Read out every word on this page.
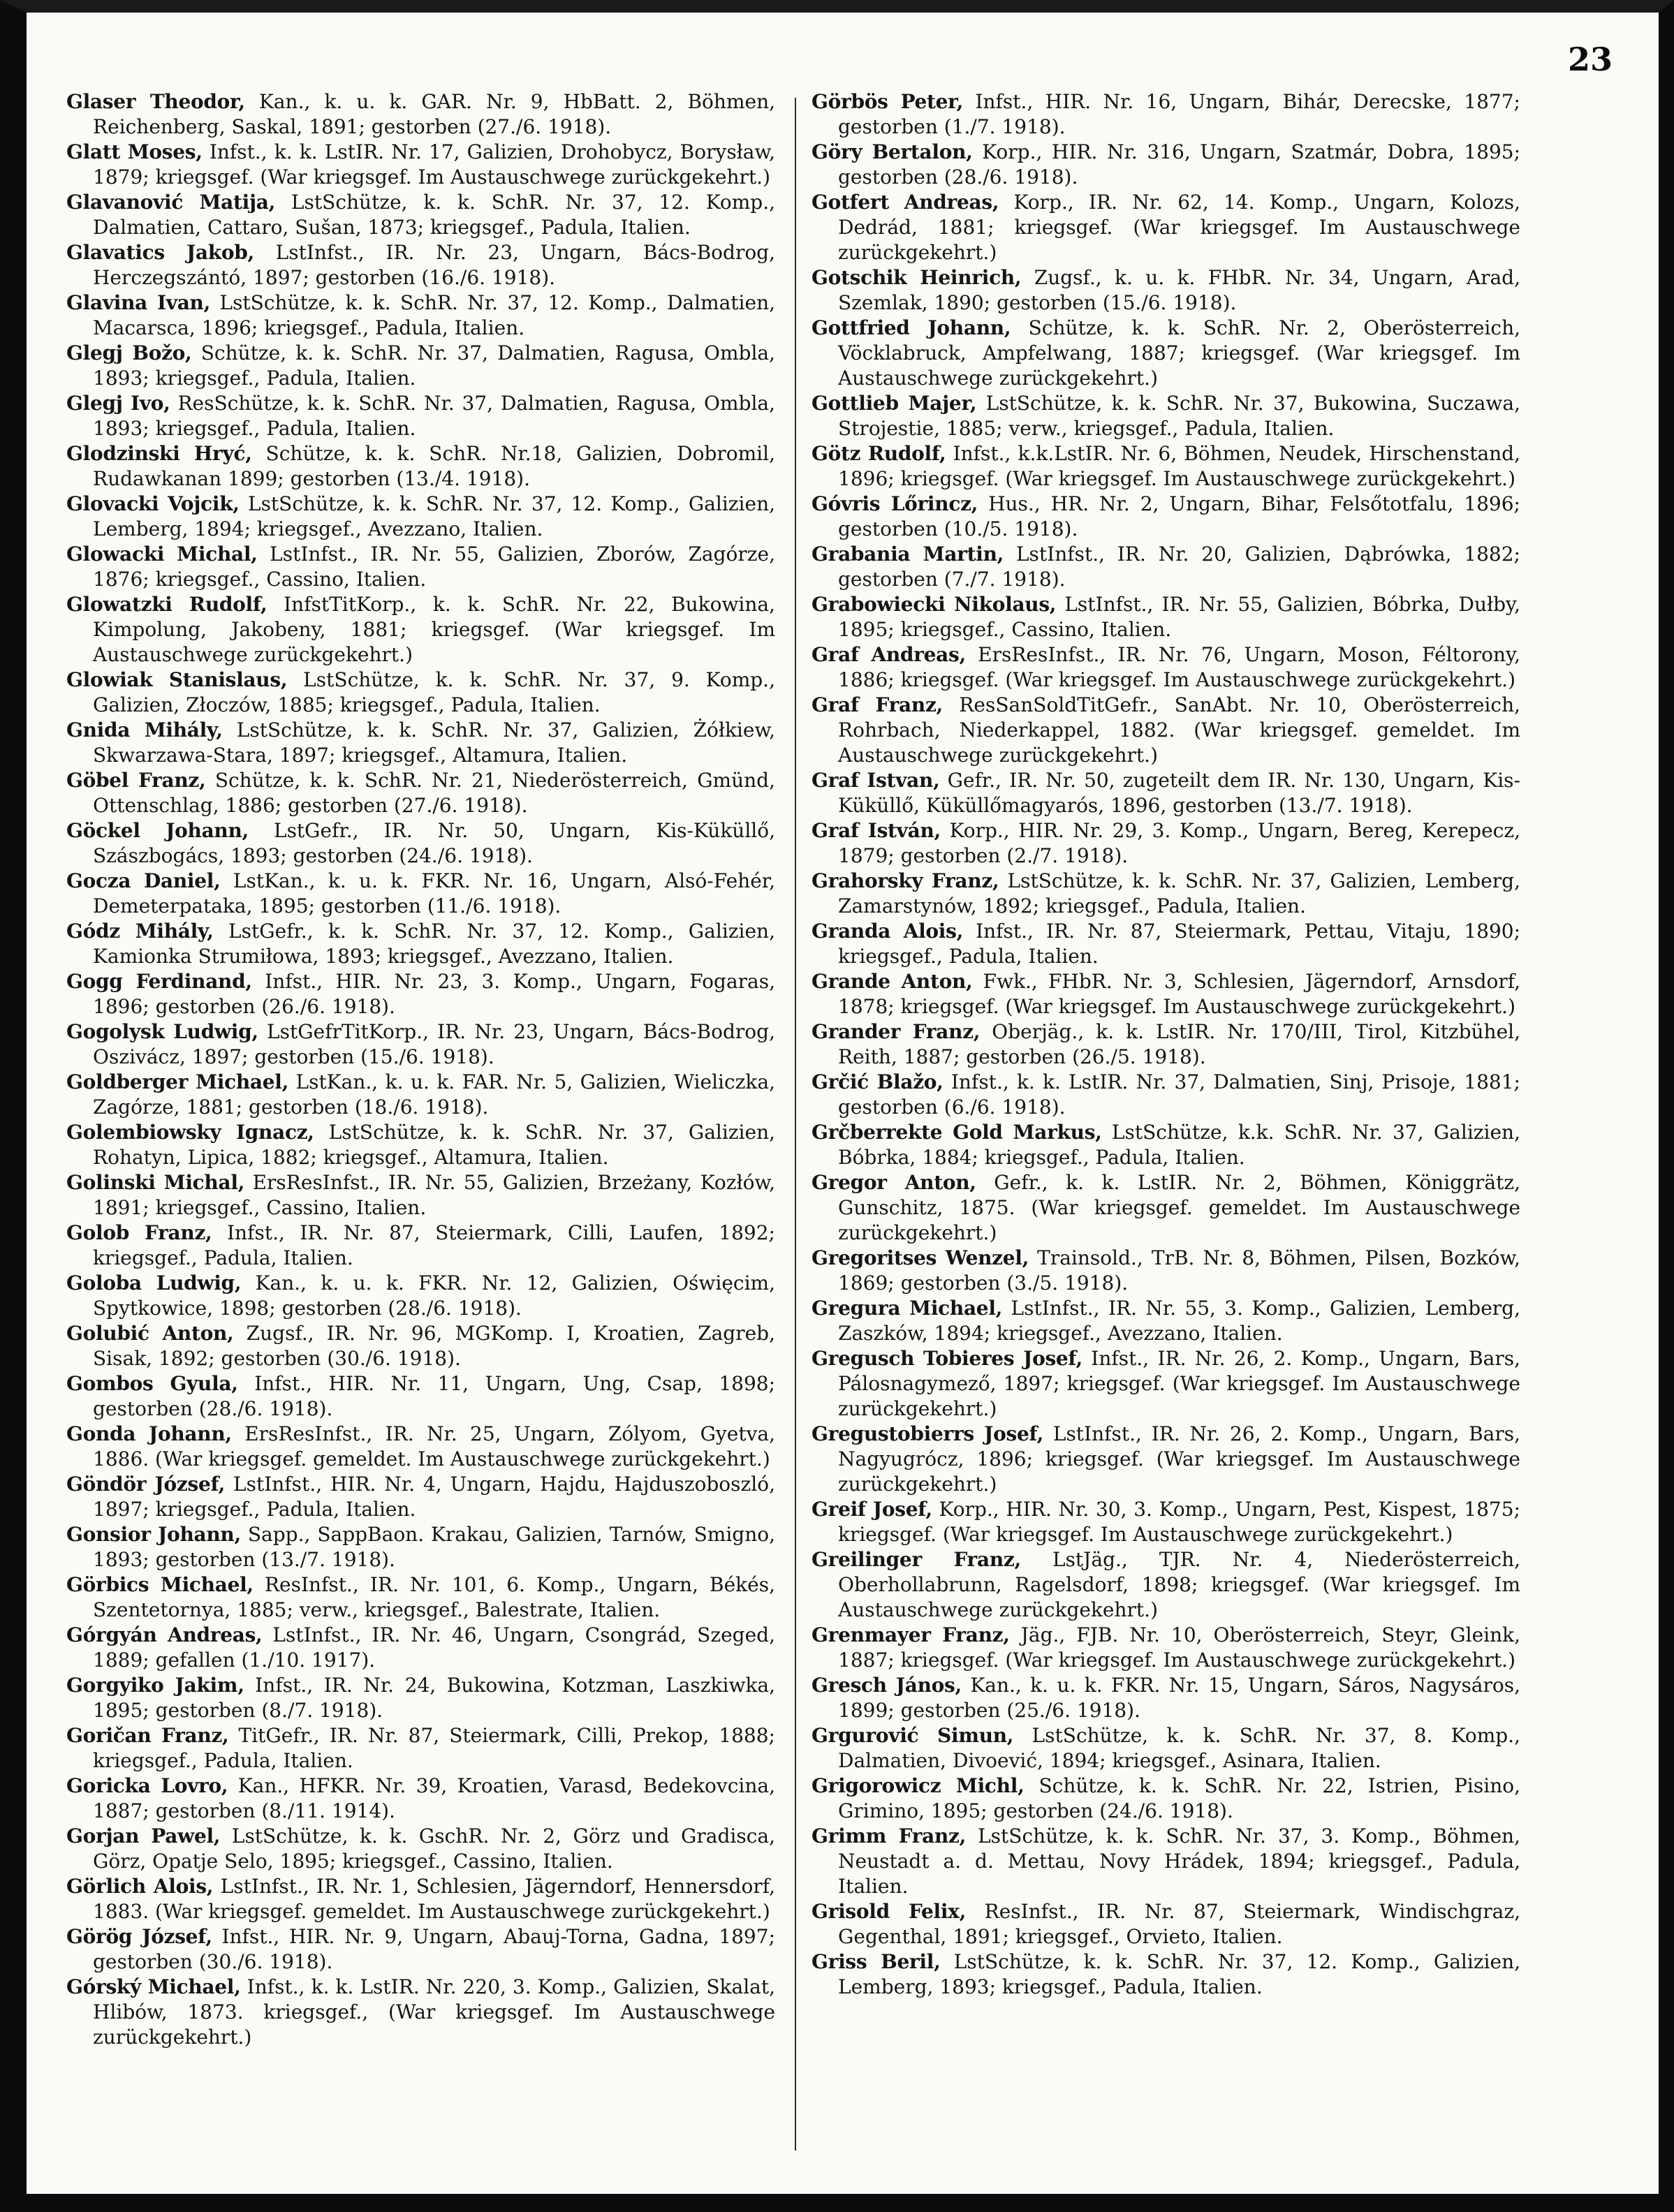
23

Glaser Theodor, Kan., k. u. k. GAR. Nr. 9, HbBatt. 2, Böhmen, Reichenberg, Saskal, 1891; gestorben (27./6. 1918).

Glatt Moses, Infst., k. k. LstIR. Nr. 17, Galizien, Drohobycz, Borysław, 1879; kriegsgef. (War kriegsgef. Im Austauschwege zurückgekehrt.)

Glavanović Matija, LstSchütze, k. k. SchR. Nr. 37, 12. Komp., Dalmatien, Cattaro, Sušan, 1873; kriegsgef., Padula, Italien.

Glavatics Jakob, LstInfst., IR. Nr. 23, Ungarn, Bács-Bodrog, Herczegszántó, 1897; gestorben (16./6. 1918).

Glavina Ivan, LstSchütze, k. k. SchR. Nr. 37, 12. Komp., Dalmatien, Macarsca, 1896; kriegsgef., Padula, Italien.

Glegj Božo, Schütze, k. k. SchR. Nr. 37, Dalmatien, Ragusa, Ombla, 1893; kriegsgef., Padula, Italien.

Glegj Ivo, ResSchütze, k. k. SchR. Nr. 37, Dalmatien, Ragusa, Ombla, 1893; kriegsgef., Padula, Italien.

Glodzinski Hryć, Schütze, k. k. SchR. Nr.18, Galizien, Dobromil, Rudawkanan 1899; gestorben (13./4. 1918).

Glovacki Vojcik, LstSchütze, k. k. SchR. Nr. 37, 12. Komp., Galizien, Lemberg, 1894; kriegsgef., Avezzano, Italien.

Glowacki Michal, LstInfst., IR. Nr. 55, Galizien, Zborów, Zagórze, 1876; kriegsgef., Cassino, Italien.

Glowatzki Rudolf, InfstTitKorp., k. k. SchR. Nr. 22, Bukowina, Kimpolung, Jakobeny, 1881; kriegsgef. (War kriegsgef. Im Austauschwege zurückgekehrt.)

Glowiak Stanislaus, LstSchütze, k. k. SchR. Nr. 37, 9. Komp., Galizien, Złoczów, 1885; kriegsgef., Padula, Italien.

Gnida Mihály, LstSchütze, k. k. SchR. Nr. 37, Galizien, Żółkiew, Skwarzawa-Stara, 1897; kriegsgef., Altamura, Italien.

Göbel Franz, Schütze, k. k. SchR. Nr. 21, Niederösterreich, Gmünd, Ottenschlag, 1886; gestorben (27./6. 1918).

Göckel Johann, LstGefr., IR. Nr. 50, Ungarn, Kis-Küküllő, Szászbogács, 1893; gestorben (24./6. 1918).

Gocza Daniel, LstKan., k. u. k. FKR. Nr. 16, Ungarn, Alsó-Fehér, Demeterpataka, 1895; gestorben (11./6. 1918).

Gódz Mihály, LstGefr., k. k. SchR. Nr. 37, 12. Komp., Galizien, Kamionka Strumiłowa, 1893; kriegsgef., Avezzano, Italien.

Gogg Ferdinand, Infst., HIR. Nr. 23, 3. Komp., Ungarn, Fogaras, 1896; gestorben (26./6. 1918).

Gogolysk Ludwig, LstGefrTitKorp., IR. Nr. 23, Ungarn, Bács-Bodrog, Oszivácz, 1897; gestorben (15./6. 1918).

Goldberger Michael, LstKan., k. u. k. FAR. Nr. 5, Galizien, Wieliczka, Zagórze, 1881; gestorben (18./6. 1918).

Golembiowsky Ignacz, LstSchütze, k. k. SchR. Nr. 37, Galizien, Rohatyn, Lipica, 1882; kriegsgef., Altamura, Italien.

Golinski Michal, ErsResInfst., IR. Nr. 55, Galizien, Brzeżany, Kozłów, 1891; kriegsgef., Cassino, Italien.

Golob Franz, Infst., IR. Nr. 87, Steiermark, Cilli, Laufen, 1892; kriegsgef., Padula, Italien.

Goloba Ludwig, Kan., k. u. k. FKR. Nr. 12, Galizien, Oświęcim, Spytkowice, 1898; gestorben (28./6. 1918).

Golubić Anton, Zugsf., IR. Nr. 96, MGKomp. I, Kroatien, Zagreb, Sisak, 1892; gestorben (30./6. 1918).

Gombos Gyula, Infst., HIR. Nr. 11, Ungarn, Ung, Csap, 1898; gestorben (28./6. 1918).

Gonda Johann, ErsResInfst., IR. Nr. 25, Ungarn, Zólyom, Gyetva, 1886. (War kriegsgef. gemeldet. Im Austauschwege zurückgekehrt.)

Göndör József, LstInfst., HIR. Nr. 4, Ungarn, Hajdu, Hajduszoboszló, 1897; kriegsgef., Padula, Italien.

Gonsior Johann, Sapp., SappBaon. Krakau, Galizien, Tarnów, Smigno, 1893; gestorben (13./7. 1918).

Görbics Michael, ResInfst., IR. Nr. 101, 6. Komp., Ungarn, Békés, Szentetornya, 1885; verw., kriegsgef., Balestrate, Italien.

Górgyán Andreas, LstInfst., IR. Nr. 46, Ungarn, Csongrád, Szeged, 1889; gefallen (1./10. 1917).

Gorgyiko Jakim, Infst., IR. Nr. 24, Bukowina, Kotzman, Laszkiwka, 1895; gestorben (8./7. 1918).

Goričan Franz, TitGefr., IR. Nr. 87, Steiermark, Cilli, Prekop, 1888; kriegsgef., Padula, Italien.

Goricka Lovro, Kan., HFKR. Nr. 39, Kroatien, Varasd, Bedekovcina, 1887; gestorben (8./11. 1914).

Gorjan Pawel, LstSchütze, k. k. GschR. Nr. 2, Görz und Gradisca, Görz, Opatje Selo, 1895; kriegsgef., Cassino, Italien.

Görlich Alois, LstInfst., IR. Nr. 1, Schlesien, Jägerndorf, Hennersdorf, 1883. (War kriegsgef. gemeldet. Im Austauschwege zurückgekehrt.)

Görög József, Infst., HIR. Nr. 9, Ungarn, Abauj-Torna, Gadna, 1897; gestorben (30./6. 1918).

Górský Michael, Infst., k. k. LstIR. Nr. 220, 3. Komp., Galizien, Skalat, Hlibów, 1873. kriegsgef., (War kriegsgef. Im Austauschwege zurückgekehrt.)

Görbös Peter, Infst., HIR. Nr. 16, Ungarn, Bihár, Derecske, 1877; gestorben (1./7. 1918).

Göry Bertalon, Korp., HIR. Nr. 316, Ungarn, Szatmár, Dobra, 1895; gestorben (28./6. 1918).

Gotfert Andreas, Korp., IR. Nr. 62, 14. Komp., Ungarn, Kolozs, Dedrád, 1881; kriegsgef. (War kriegsgef. Im Austauschwege zurückgekehrt.)

Gotschik Heinrich, Zugsf., k. u. k. FHbR. Nr. 34, Ungarn, Arad, Szemlak, 1890; gestorben (15./6. 1918).

Gottfried Johann, Schütze, k. k. SchR. Nr. 2, Oberösterreich, Vöcklabruck, Ampfelwang, 1887; kriegsgef. (War kriegsgef. Im Austauschwege zurückgekehrt.)

Gottlieb Majer, LstSchütze, k. k. SchR. Nr. 37, Bukowina, Suczawa, Strojestie, 1885; verw., kriegsgef., Padula, Italien.

Götz Rudolf, Infst., k.k.LstIR. Nr. 6, Böhmen, Neudek, Hirschenstand, 1896; kriegsgef. (War kriegsgef. Im Austauschwege zurückgekehrt.)

Góvris Lőrincz, Hus., HR. Nr. 2, Ungarn, Bihar, Felsőtotfalu, 1896; gestorben (10./5. 1918).

Grabania Martin, LstInfst., IR. Nr. 20, Galizien, Dąbrówka, 1882; gestorben (7./7. 1918).

Grabowiecki Nikolaus, LstInfst., IR. Nr. 55, Galizien, Bóbrka, Dułby, 1895; kriegsgef., Cassino, Italien.

Graf Andreas, ErsResInfst., IR. Nr. 76, Ungarn, Moson, Féltorony, 1886; kriegsgef. (War kriegsgef. Im Austauschwege zurückgekehrt.)

Graf Franz, ResSanSoldTitGefr., SanAbt. Nr. 10, Oberösterreich, Rohrbach, Niederkappel, 1882. (War kriegsgef. gemeldet. Im Austauschwege zurückgekehrt.)

Graf Istvan, Gefr., IR. Nr. 50, zugeteilt dem IR. Nr. 130, Ungarn, Kis-Küküllő, Küküllőmagyarós, 1896, gestorben (13./7. 1918).

Graf István, Korp., HIR. Nr. 29, 3. Komp., Ungarn, Bereg, Kerepecz, 1879; gestorben (2./7. 1918).

Grahorsky Franz, LstSchütze, k. k. SchR. Nr. 37, Galizien, Lemberg, Zamarstynów, 1892; kriegsgef., Padula, Italien.

Granda Alois, Infst., IR. Nr. 87, Steiermark, Pettau, Vitaju, 1890; kriegsgef., Padula, Italien.

Grande Anton, Fwk., FHbR. Nr. 3, Schlesien, Jägerndorf, Arnsdorf, 1878; kriegsgef. (War kriegsgef. Im Austauschwege zurückgekehrt.)

Grander Franz, Oberjäg., k. k. LstIR. Nr. 170/III, Tirol, Kitzbühel, Reith, 1887; gestorben (26./5. 1918).

Grčić Blažo, Infst., k. k. LstIR. Nr. 37, Dalmatien, Sinj, Prisoje, 1881; gestorben (6./6. 1918).

Grčberrekte Gold Markus, LstSchütze, k.k. SchR. Nr. 37, Galizien, Bóbrka, 1884; kriegsgef., Padula, Italien.

Gregor Anton, Gefr., k. k. LstIR. Nr. 2, Böhmen, Königgrätz, Gunschitz, 1875. (War kriegsgef. gemeldet. Im Austauschwege zurückgekehrt.)

Gregoritses Wenzel, Trainsold., TrB. Nr. 8, Böhmen, Pilsen, Bozków, 1869; gestorben (3./5. 1918).

Gregura Michael, LstInfst., IR. Nr. 55, 3. Komp., Galizien, Lemberg, Zaszków, 1894; kriegsgef., Avezzano, Italien.

Gregusch Tobieres Josef, Infst., IR. Nr. 26, 2. Komp., Ungarn, Bars, Pálosnagymező, 1897; kriegsgef. (War kriegsgef. Im Austauschwege zurückgekehrt.)

Gregustobierrs Josef, LstInfst., IR. Nr. 26, 2. Komp., Ungarn, Bars, Nagyugrócz, 1896; kriegsgef. (War kriegsgef. Im Austauschwege zurückgekehrt.)

Greif Josef, Korp., HIR. Nr. 30, 3. Komp., Ungarn, Pest, Kispest, 1875; kriegsgef. (War kriegsgef. Im Austauschwege zurückgekehrt.)

Greilinger Franz, LstJäg., TJR. Nr. 4, Niederösterreich, Oberhollabrunn, Ragelsdorf, 1898; kriegsgef. (War kriegsgef. Im Austauschwege zurückgekehrt.)

Grenmayer Franz, Jäg., FJB. Nr. 10, Oberösterreich, Steyr, Gleink, 1887; kriegsgef. (War kriegsgef. Im Austauschwege zurückgekehrt.)

Gresch János, Kan., k. u. k. FKR. Nr. 15, Ungarn, Sáros, Nagysáros, 1899; gestorben (25./6. 1918).

Grgurović Simun, LstSchütze, k. k. SchR. Nr. 37, 8. Komp., Dalmatien, Divoević, 1894; kriegsgef., Asinara, Italien.

Grigorowicz Michl, Schütze, k. k. SchR. Nr. 22, Istrien, Pisino, Grimino, 1895; gestorben (24./6. 1918).

Grimm Franz, LstSchütze, k. k. SchR. Nr. 37, 3. Komp., Böhmen, Neustadt a. d. Mettau, Novy Hrádek, 1894; kriegsgef., Padula, Italien.

Grisold Felix, ResInfst., IR. Nr. 87, Steiermark, Windischgraz, Gegenthal, 1891; kriegsgef., Orvieto, Italien.

Griss Beril, LstSchütze, k. k. SchR. Nr. 37, 12. Komp., Galizien, Lemberg, 1893; kriegsgef., Padula, Italien.
